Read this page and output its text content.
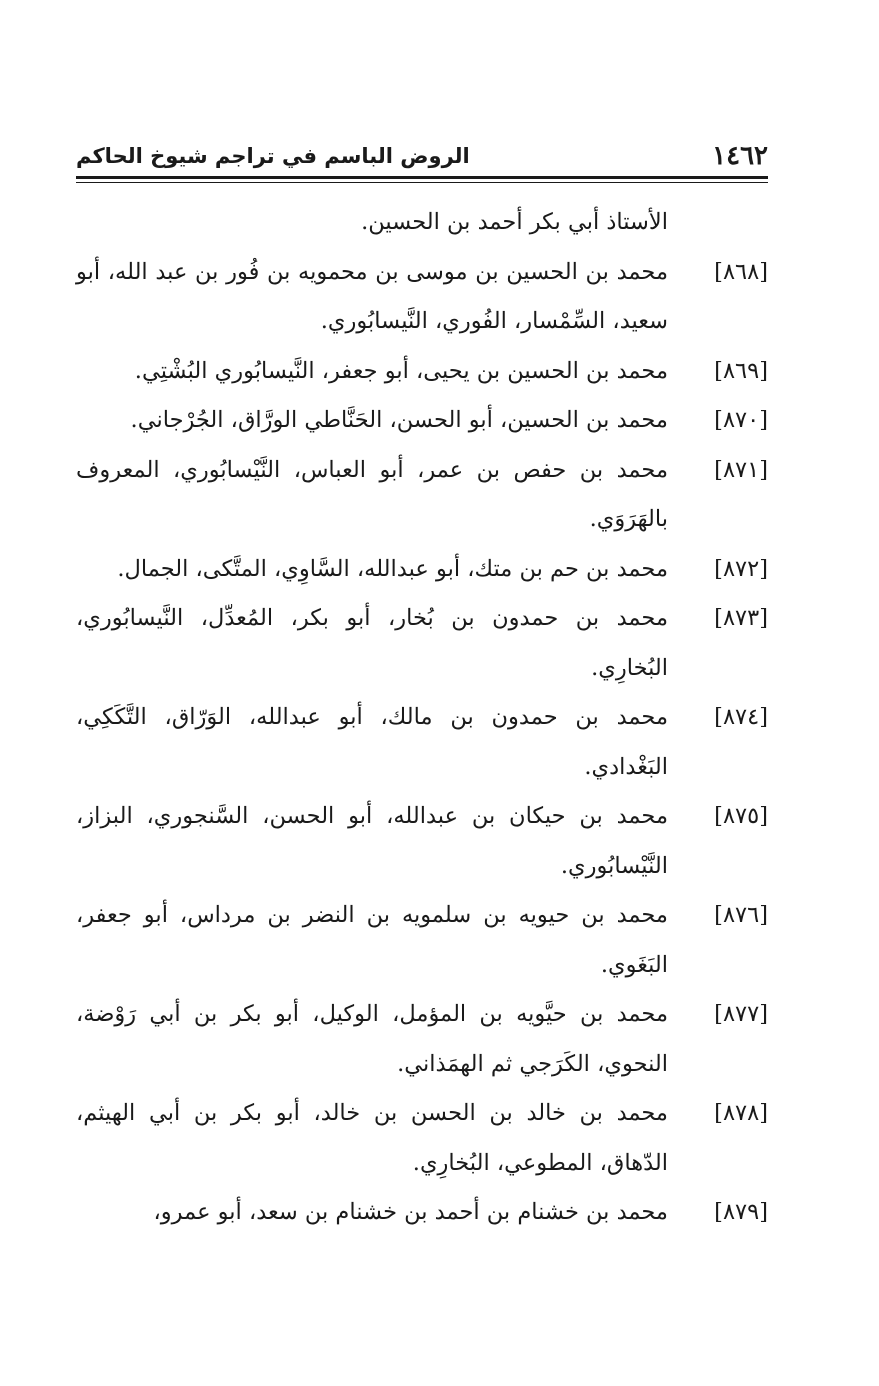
١٤٦٢
الروض الباسم في تراجم شيوخ الحاكم
الأستاذ أبي بكر أحمد بن الحسين.
[٨٦٨]
محمد بن الحسين بن موسى بن محمويه بن فُور بن عبد الله، أبو سعيد، السِّمْسار، الفُوري، النَّيسابُوري.
[٨٦٩]
محمد بن الحسين بن يحيى، أبو جعفر، النَّيسابُوري البُشْتِي.
[٨٧٠]
محمد بن الحسين، أبو الحسن، الحَنَّاطي الورَّاق، الجُرْجاني.
[٨٧١]
محمد بن حفص بن عمر، أبو العباس، النَّيْسابُوري، المعروف بالهَرَوَي.
[٨٧٢]
محمد بن حم بن متك، أبو عبدالله، السَّاوِي، المتَّكى، الجمال.
[٨٧٣]
محمد بن حمدون بن بُخار، أبو بكر، المُعدِّل، النَّيسابُوري، البُخارِي.
[٨٧٤]
محمد بن حمدون بن مالك، أبو عبدالله، الوَرّاق، التَّكَكِي، البَغْدادي.
[٨٧٥]
محمد بن حيكان بن عبدالله، أبو الحسن، السَّنجوري، البزاز، النَّيْسابُوري.
[٨٧٦]
محمد بن حيويه بن سلمويه بن النضر بن مرداس، أبو جعفر، البَغَوي.
[٨٧٧]
محمد بن حيَّويه بن المؤمل، الوكيل، أبو بكر بن أبي رَوْضة، النحوي، الكَرَجي ثم الهمَذاني.
[٨٧٨]
محمد بن خالد بن الحسن بن خالد، أبو بكر بن أبي الهيثم، الدّهاق، المطوعي، البُخارِي.
[٨٧٩]
محمد بن خشنام بن أحمد بن خشنام بن سعد، أبو عمرو،
